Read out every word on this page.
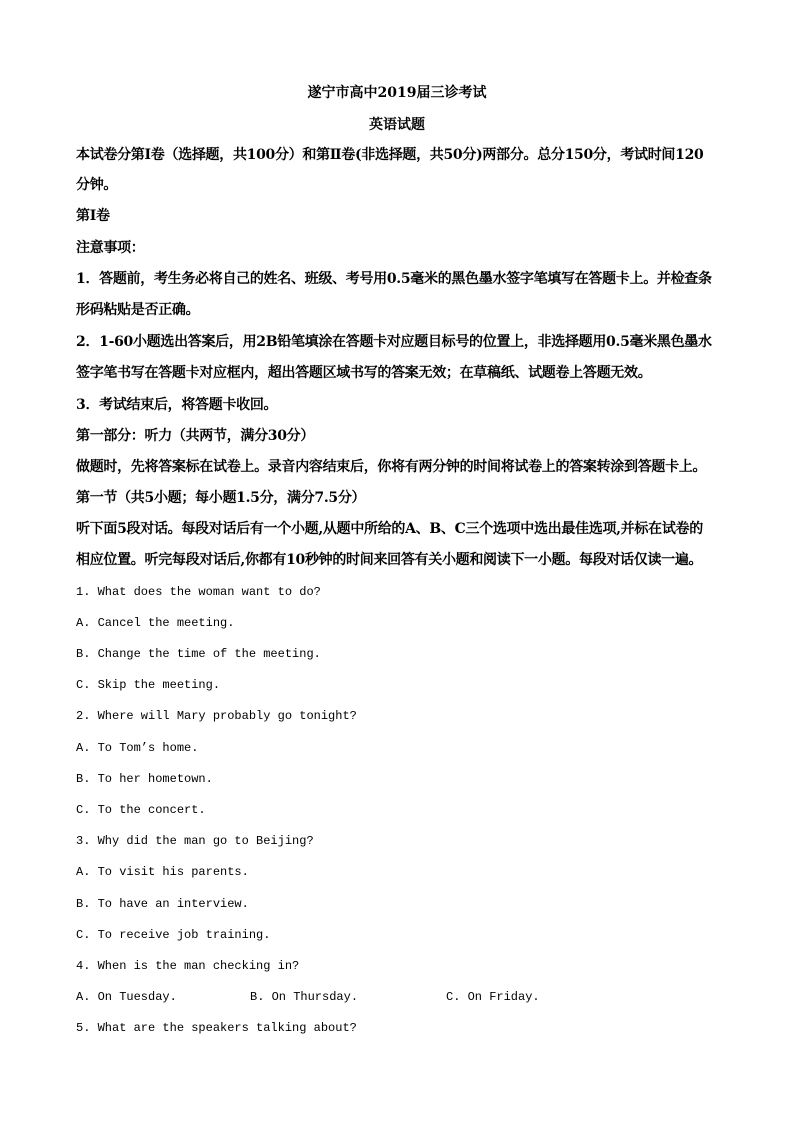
遂宁市高中2019届三诊考试
英语试题
本试卷分第Ⅰ卷（选择题，共100分）和第Ⅱ卷(非选择题，共50分)两部分。总分150分，考试时间120
分钟。
第Ⅰ卷
注意事项：
1．答题前，考生务必将自己的姓名、班级、考号用0.5毫米的黑色墨水签字笔填写在答题卡上。并检查条
形码粘贴是否正确。
2．1-60小题选出答案后，用2B铅笔填涂在答题卡对应题目标号的位置上，非选择题用0.5毫米黑色墨水
签字笔书写在答题卡对应框内，超出答题区域书写的答案无效；在草稿纸、试题卷上答题无效。
3．考试结束后，将答题卡收回。
第一部分：听力（共两节，满分30分）
做题时，先将答案标在试卷上。录音内容结束后，你将有两分钟的时间将试卷上的答案转涂到答题卡上。
第一节（共5小题；每小题1.5分，满分7.5分）
听下面5段对话。每段对话后有一个小题,从题中所给的A、B、C三个选项中选出最佳选项,并标在试卷的
相应位置。听完每段对话后,你都有10秒钟的时间来回答有关小题和阅读下一小题。每段对话仅读一遍。
1. What does the woman want to do?
A. Cancel the meeting.
B. Change the time of the meeting.
C. Skip the meeting.
2. Where will Mary probably go tonight?
A. To Tom’s home.
B. To her hometown.
C. To the concert.
3. Why did the man go to Beijing?
A. To visit his parents.
B. To have an interview.
C. To receive job training.
4. When is the man checking in?
A. On Tuesday.	B. On Thursday.	C. On Friday.
5. What are the speakers talking about?
